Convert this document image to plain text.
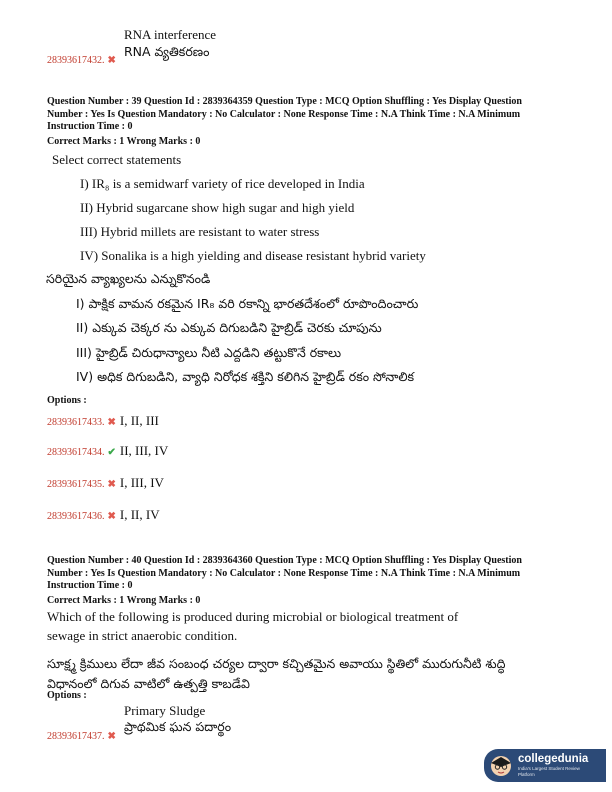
RNA interference
RNA వ్యతికరణం
28393617432. ✖
Question Number : 39 Question Id : 2839364359 Question Type : MCQ Option Shuffling : Yes Display Question Number : Yes Is Question Mandatory : No Calculator : None Response Time : N.A Think Time : N.A Minimum Instruction Time : 0
Correct Marks : 1 Wrong Marks : 0
Select correct statements
I) IR₈ is a semidwarf variety of rice developed in India
II) Hybrid sugarcane show high sugar and high yield
III) Hybrid millets are resistant to water stress
IV) Sonalika is a high yielding and disease resistant hybrid variety
సరియైన వ్యాఖ్యలను ఎన్నుకొనండి
I) పాక్షిక వామన రకమైన IR₈ వరి రకాన్ని భారతదేశంలో రూపొందించారు
II) ఎక్కువ చెక్కర ను ఎక్కువ దిగుబడిని హైబ్రిడ్ చెరకు చూపును
III) హైబ్రిడ్ చిరుధాన్యాలు నీటి ఎద్దడిని తట్టుకొనే రకాలు
IV) అధిక దిగుబడిని, వ్యాధి నిరోధక శక్తిని కలిగిన హైబ్రిడ్ రకం సోనాలిక
Options :
28393617433. ✖ I, II, III
28393617434. ✔ II, III, IV
28393617435. ✖ I, III, IV
28393617436. ✖ I, II, IV
Question Number : 40 Question Id : 2839364360 Question Type : MCQ Option Shuffling : Yes Display Question Number : Yes Is Question Mandatory : No Calculator : None Response Time : N.A Think Time : N.A Minimum Instruction Time : 0
Correct Marks : 1 Wrong Marks : 0
Which of the following is produced during microbial or biological treatment of sewage in strict anaerobic condition.
సూక్ష్మ క్రిములు లేదా జీవ సంబంధ చర్యల ద్వారా కచ్చితమైన అవాయు స్థితిలో మురుగునీటి శుద్ధి విధానంలో దిగువ వాటిలో ఉత్పత్తి కాబడేవి
Options :
Primary Sludge
ప్రాథమిక ఘన పదార్థం
28393617437. ✖
collegedunia
India's Largest Student Review Platform
